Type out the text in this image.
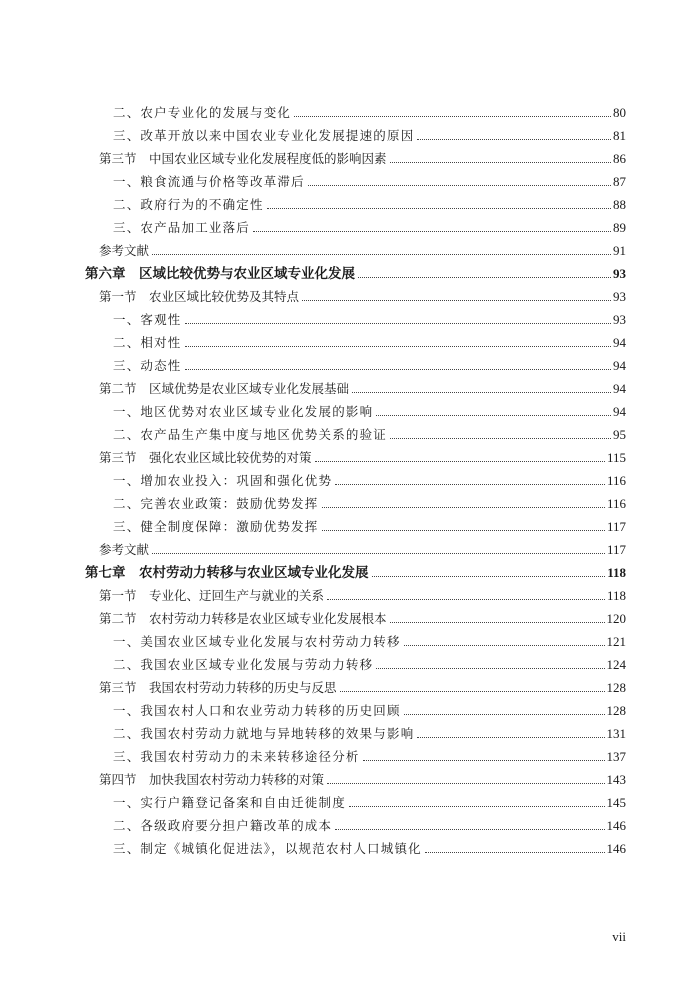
二、农户专业化的发展与变化	80
三、改革开放以来中国农业专业化发展提速的原因	81
第三节　中国农业区域专业化发展程度低的影响因素	86
一、粮食流通与价格等改革滞后	87
二、政府行为的不确定性	88
三、农产品加工业落后	89
参考文献	91
第六章　区域比较优势与农业区域专业化发展	93
第一节　农业区域比较优势及其特点	93
一、客观性	93
二、相对性	94
三、动态性	94
第二节　区域优势是农业区域专业化发展基础	94
一、地区优势对农业区域专业化发展的影响	94
二、农产品生产集中度与地区优势关系的验证	95
第三节　强化农业区域比较优势的对策	115
一、增加农业投入：巩固和强化优势	116
二、完善农业政策：鼓励优势发挥	116
三、健全制度保障：激励优势发挥	117
参考文献	117
第七章　农村劳动力转移与农业区域专业化发展	118
第一节　专业化、迂回生产与就业的关系	118
第二节　农村劳动力转移是农业区域专业化发展根本	120
一、美国农业区域专业化发展与农村劳动力转移	121
二、我国农业区域专业化发展与劳动力转移	124
第三节　我国农村劳动力转移的历史与反思	128
一、我国农村人口和农业劳动力转移的历史回顾	128
二、我国农村劳动力就地与异地转移的效果与影响	131
三、我国农村劳动力的未来转移途径分析	137
第四节　加快我国农村劳动力转移的对策	143
一、实行户籍登记备案和自由迁徙制度	145
二、各级政府要分担户籍改革的成本	146
三、制定《城镇化促进法》，以规范农村人口城镇化	146
vii
